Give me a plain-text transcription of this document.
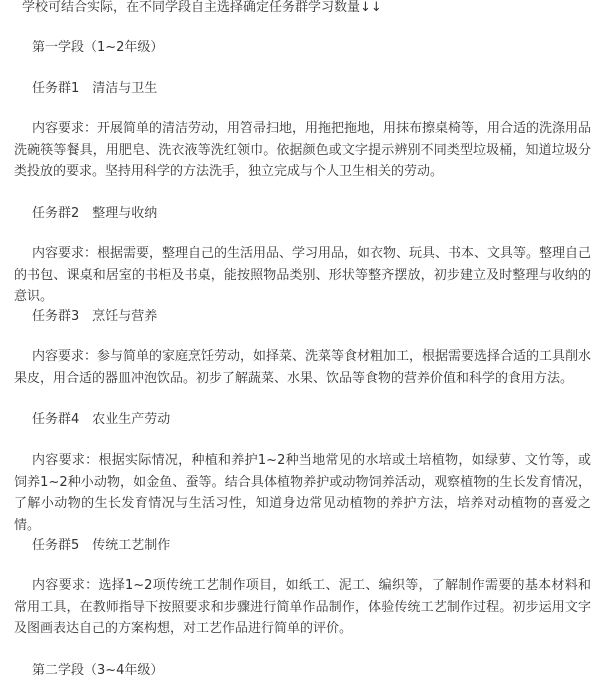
学校可结合实际，在不同学段自主选择确定任务群学习数量↓↓

第一学段（1~2年级）

任务群1　清洁与卫生

内容要求：开展简单的清洁劳动，用笤帚扫地，用拖把拖地，用抹布擦桌椅等，用合适的洗涤用品洗碗筷等餐具，用肥皂、洗衣液等洗红领巾。依据颜色或文字提示辨别不同类型垃圾桶，知道垃圾分类投放的要求。坚持用科学的方法洗手，独立完成与个人卫生相关的劳动。

任务群2　整理与收纳

内容要求：根据需要，整理自己的生活用品、学习用品，如衣物、玩具、书本、文具等。整理自己的书包、课桌和居室的书柜及书桌，能按照物品类别、形状等整齐摆放，初步建立及时整理与收纳的意识。

任务群3　烹饪与营养

内容要求：参与简单的家庭烹饪劳动，如择菜、洗菜等食材粗加工，根据需要选择合适的工具削水果皮，用合适的器皿冲泡饮品。初步了解蔬菜、水果、饮品等食物的营养价值和科学的食用方法。

任务群4　农业生产劳动

内容要求：根据实际情况，种植和养护1~2种当地常见的水培或土培植物，如绿萝、文竹等，或饲养1~2种小动物，如金鱼、蚕等。结合具体植物养护或动物饲养活动，观察植物的生长发育情况，了解小动物的生长发育情况与生活习性，知道身边常见动植物的养护方法，培养对动植物的喜爱之情。

任务群5　传统工艺制作

内容要求：选择1~2项传统工艺制作项目，如纸工、泥工、编织等，了解制作需要的基本材料和常用工具，在教师指导下按照要求和步骤进行简单作品制作，体验传统工艺制作过程。初步运用文字及图画表达自己的方案构想，对工艺作品进行简单的评价。

第二学段（3~4年级）
